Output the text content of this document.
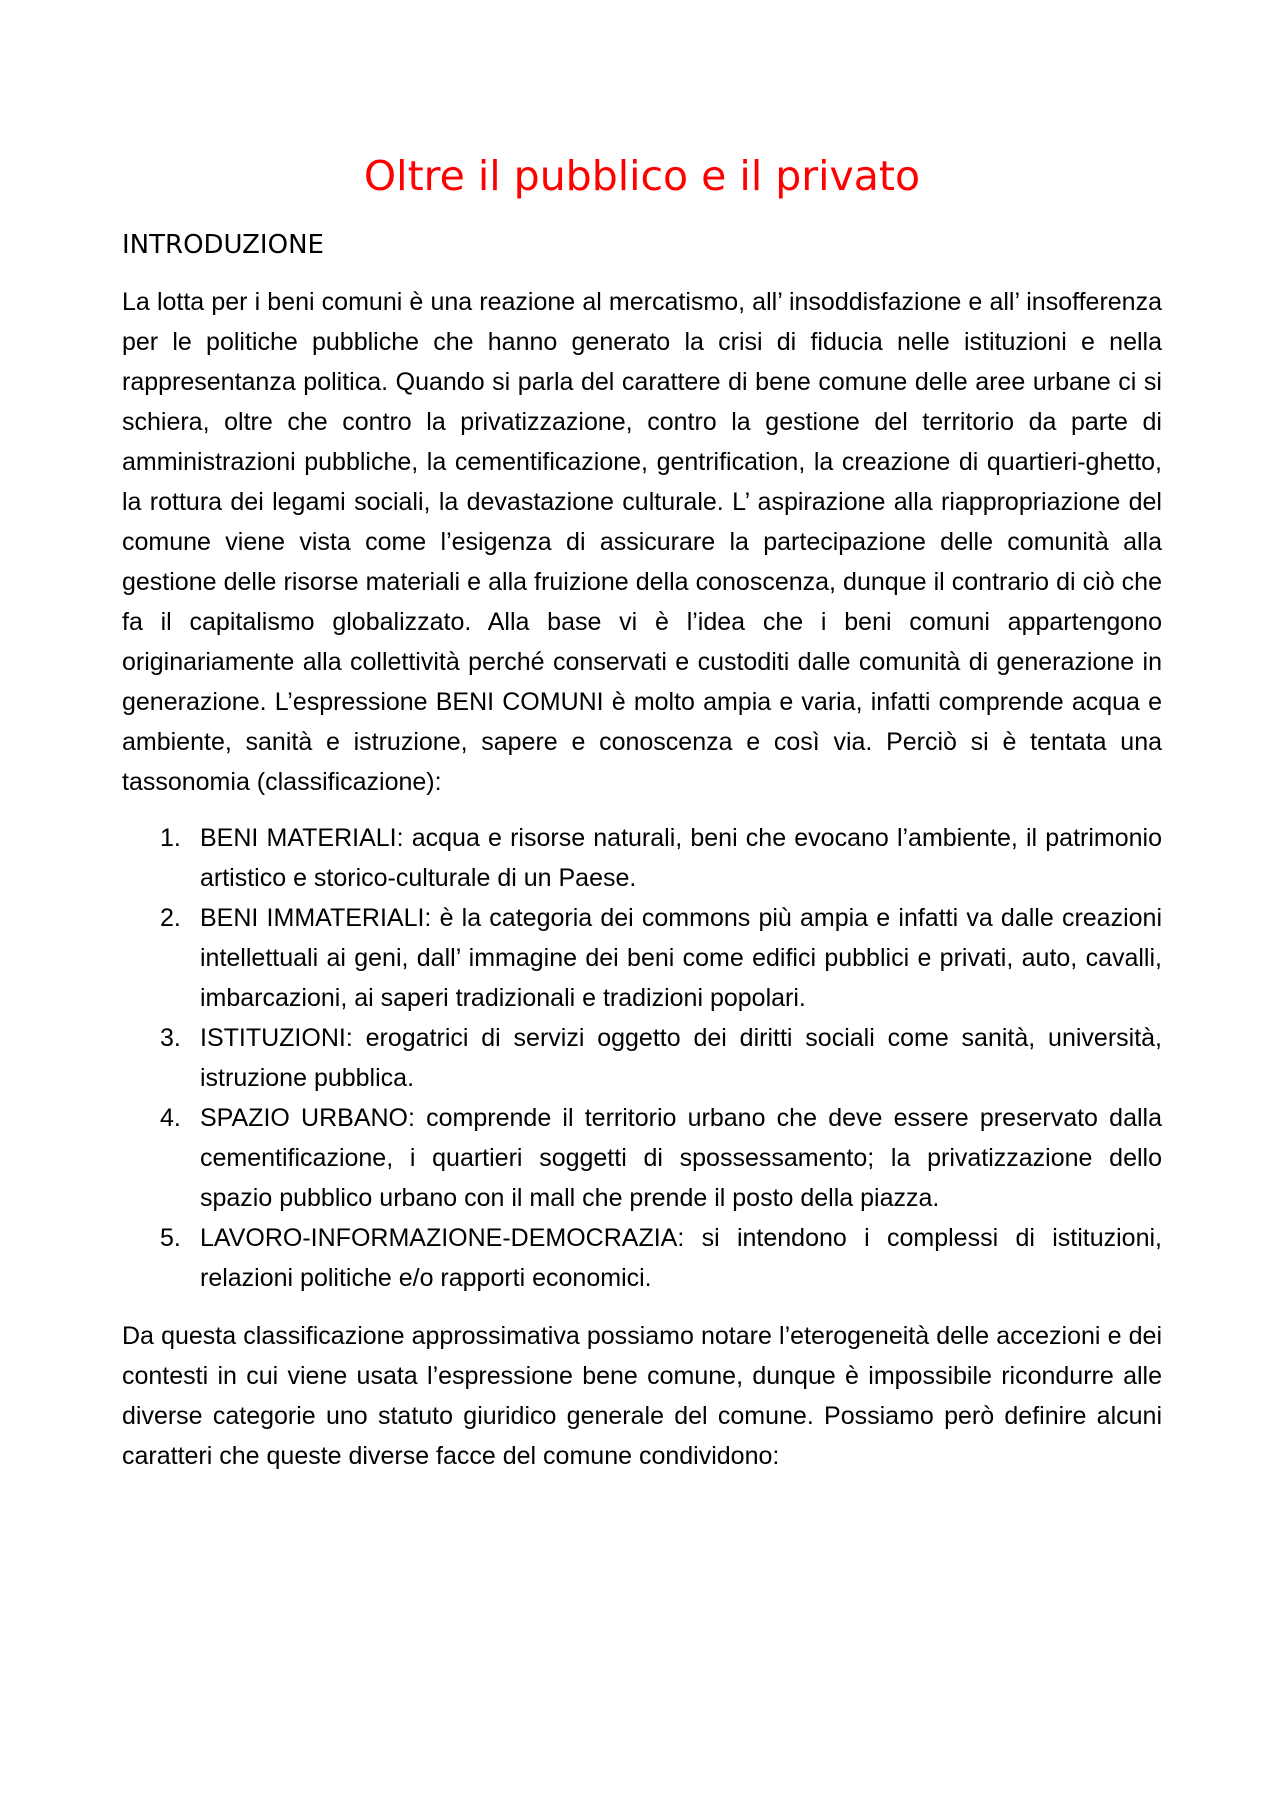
Oltre il pubblico e il privato
INTRODUZIONE

La lotta per i beni comuni è una reazione al mercatismo, all’ insoddisfazione e all’ insofferenza per le politiche pubbliche che hanno generato la crisi di fiducia nelle istituzioni e nella rappresentanza politica. Quando si parla del carattere di bene comune delle aree urbane ci si schiera, oltre che contro la privatizzazione, contro la gestione del territorio da parte di amministrazioni pubbliche, la cementificazione, gentrification, la creazione di quartieri-ghetto, la rottura dei legami sociali, la devastazione culturale. L’ aspirazione alla riappropriazione del comune viene vista come l’esigenza di assicurare la partecipazione delle comunità alla gestione delle risorse materiali e alla fruizione della conoscenza, dunque il contrario di ciò che fa il capitalismo globalizzato. Alla base vi è l’idea che i beni comuni appartengono originariamente alla collettività perché conservati e custoditi dalle comunità di generazione in generazione. L’espressione BENI COMUNI è molto ampia e varia, infatti comprende acqua e ambiente, sanità e istruzione, sapere e conoscenza e così via. Perciò si è tentata una tassonomia (classificazione):

1. BENI MATERIALI: acqua e risorse naturali, beni che evocano l’ambiente, il patrimonio artistico e storico-culturale di un Paese.
2. BENI IMMATERIALI: è la categoria dei commons più ampia e infatti va dalle creazioni intellettuali ai geni, dall’ immagine dei beni come edifici pubblici e privati, auto, cavalli, imbarcazioni, ai saperi tradizionali e tradizioni popolari.
3. ISTITUZIONI: erogatrici di servizi oggetto dei diritti sociali come sanità, università, istruzione pubblica.
4. SPAZIO URBANO: comprende il territorio urbano che deve essere preservato dalla cementificazione, i quartieri soggetti di spossessamento; la privatizzazione dello spazio pubblico urbano con il mall che prende il posto della piazza.
5. LAVORO-INFORMAZIONE-DEMOCRAZIA: si intendono i complessi di istituzioni, relazioni politiche e/o rapporti economici.

Da questa classificazione approssimativa possiamo notare l’eterogeneità delle accezioni e dei contesti in cui viene usata l’espressione bene comune, dunque è impossibile ricondurre alle diverse categorie uno statuto giuridico generale del comune. Possiamo però definire alcuni caratteri che queste diverse facce del comune condividono:
